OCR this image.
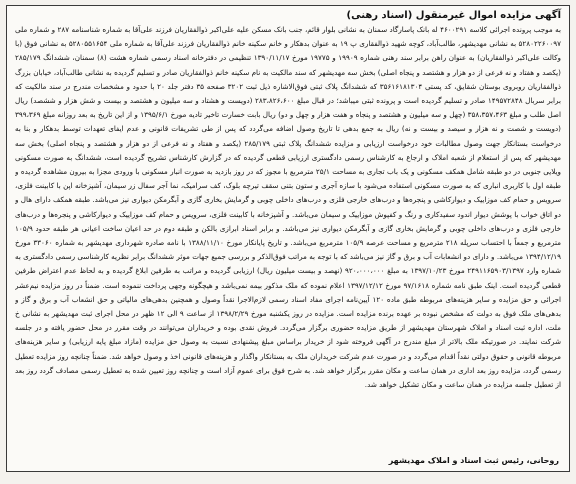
آگهی مزایده اموال غیرمنقول (اسناد رهنی)

به موجب پرونده اجرائی کلاسه ۴۶۰۰۲۹۱ له بانک پاسارگاد سمنان به نشانی بلوار قائم، جنب بانک مسکن علیه علی‌اکبر ذوالفقاریان فرزند علی‌آقا به شماره شناسنامه ۲۸۷ و شماره ملی ۵۲۸۰۲۲۶۰۰۹۷ به نشانی مهدیشهر، طالب‌آباد، کوچه شهید ذوالفقاری پ ۱۹ به عنوان بدهکار و خانم سکینه خانم ذوالفقاریان فرزند علی‌آقا به شماره ملی ۵۲۸۰۵۵۱۶۵۴ به نشانی فوق (با وکالت علی‌اکبر ذوالفقاریان) به عنوان راهن برابر سند رهنی شماره ۱۹۹۰۹ و ۱۹۷۷۵ مورخ ۱۳۹۰/۱۱/۱۷ تنظیمی در دفترخانه اسناد رسمی شماره هشت (۸) سمنان، ششدانگ ۲۸۵/۱۷۹ (یکصد و هفتاد و نه فرعی از دو هزار و هشتصد و پنجاه اصلی) بخش سه مهدیشهر که سند مالکیت به نام سکینه خانم ذوالفقاریان صادر و تسلیم گردیده به نشانی طالب‌آباد، خیابان بزرگ ذوالفقاریان روبروی بوستان شقایق، کد پستی ۳۵۶۱۶۱۸۱۳۰۴ که ششدانگ پلاک ثبتی فوق‌الاشاره ذیل ثبت ۳۲۰۲ صفحه ۳۵ دفتر جلد ۲۰ با حدود و مشخصات مندرج در سند مالکیت که برابر سربال ۱۴۹۵۷۲۸۴۸ صادر و تسلیم گردیده است و پرونده ثبتی میباشد؛ در قبال مبلغ ۲۸۳،۸۲۶،۶۰۰ (دویست و هشتاد و سه میلیون و هشتصد و بیست و شش هزار و ششصد) ریال اصل طلب و مبلغ ۳۵۸،۳۵۷،۴۶۳ (چهل و سه میلیون و هشتصد و پنجاه و هفت هزار و چهل و دو) ریال بابت خسارت تاخیر تادیه مورخ ۱۳۹۵/۶/۱ و از این تاریخ به بعد روزانه مبلغ ۳۹۹،۳۶۹ (دویست و شصت و نه هزار و سیصد و بیست و نه) ریال به جمع بدهی تا تاریخ وصول اضافه می‌گردد که پس از طی تشریفات قانونی و عدم ایفای تعهدات توسط بدهکار و بنا به درخواست بستانکار جهت وصول مطالبات خود درخواست ارزیابی و مزایده ششدانگ پلاک ثبتی ۲۸۵/۱۷۹ (یکصد و هفتاد و نه فرعی از دو هزار و هشتصد و پنجاه اصلی) بخش سه مهدیشهر که پس از استعلام از شعبه املاک و ارجاع به کارشناس رسمی دادگستری ارزیابی قطعی گردیده که در گزارش کارشناس تشریح گردیده است، ششدانگ به صورت مسکونی ویلایی جنوبی در دو طبقه شامل همکف مسکونی و یک باب تجاری به مساحت ۲۵/۱ مترمربع با مجوز که در روز بازدید به صورت انبار مسکونی با ورودی مجزا به بیرون مشاهده گردیده و طبقه اول با کاربری انباری که به صورت مسکونی استفاده می‌شود با سازه آجری و ستون بتنی سقف تیرچه بلوک، کف سرامیک، نما آجر سفال زر سیمان، آشپزخانه اپن با کابینت فلزی، سرویس و حمام کف موزاییک و دیوارکاشی و پنجره‌ها و درب‌های خارجی فلزی و درب‌های داخلی چوبی و گرمایش بخاری گازی و آبگرمکن دیواری نیز می‌باشد. طبقه همکف دارای هال و دو اتاق خواب با پوشش دیوار اندود سفیدکاری و رنگ و کفپوش موزاییک و سیمان می‌باشد. و آشپزخانه با کابینت فلزی، سرویس و حمام کف موزاییک و دیوارکاشی و پنجره‌ها و درب‌های خارجی فلزی و درب‌های داخلی چوبی و گرمایش بخاری گازی و آبگرمکن دیواری نیز می‌باشد. و برابر اسناد ابرازی بالکن و طبقه دوم در حد اعیان ساخت اعیانی هر طبقه حدود ۱۰۵/۹ مترمربع و جمعاً با احتساب سرپله ۲۱۸ مترمربع و مساحت عرصه ۱۰۵/۹ مترمربع می‌باشد. و تاریخ پایانکار مورخ ۱۳۸۸/۱۱/۱۰ با نامه صادره شهرداری مهدیشهر به شماره ۳۳۰۶۰ مورخ ۱۳۹۴/۱۲/۱۹ می‌باشد. و دارای دو انشعابات آب و برق و گاز نیز می‌باشد که با توجه به مراتب فوق‌الذکر و بررسی جمیع جهات موثر ششدانگ برابر نظریه کارشناسی رسمی دادگستری به شماره وارد ۲۴۹۱۱۶۵۹۰۳/۱۳۹۷ مورخ ۱۳۹۷/۱۰/۲۳ به مبلغ ۹۲۰،۰۰۰،۰۰۰ (نهصد و بیست میلیون ریال) ارزیابی گردیده و مراتب به طرفین ابلاغ گردیده و به لحاظ عدم اعتراض طرفین قطعی گردیده است. اینک طبق نامه شماره ۹۷/۱۶۱۸ مورخ ۱۳۹۷/۱۲/۱۲ اعلام نموده که ملک مذکور بیمه نمی‌باشد و هیچگونه وجهی پرداخت ننموده است. ضمناً در روز مزایده نیم‌عشر اجرائی و حق مزایده و سایر هزینه‌های مربوطه طبق ماده ۱۲۰ آیین‌نامه اجرای مفاد اسناد رسمی لازم‌الاجرا نقداً وصول و همچنین بدهی‌های مالیاتی و حق انشعاب آب و برق و گاز و بدهی‌های ملک فوق به دولت که مشخص نبوده بر عهده برنده مزایده است. مزایده در روز یکشنبه مورخ ۱۳۹۸/۲/۲۹ از ساعت ۹ الی ۱۲ ظهر در محل اجرای ثبت مهدیشهر به نشانی خ ملت، اداره ثبت اسناد و املاک شهرستان مهدیشهر از طریق مزایده حضوری برگزار می‌گردد. فروش نقدی بوده و خریداران می‌توانند در وقت مقرر در محل حضور یافته و در جلسه شرکت نمایند. در صورتیکه ملک بالاتر از مبلغ مندرج در آگهی فروخته شود از خریدار براساس مبلغ پیشنهادی نسبت به وصول حق مزایده (مازاد مبلغ پایه ارزیابی) و سایر هزینه‌های مربوطه قانونی و حقوق دولتی نقداً اقدام می‌گردد و در صورت عدم شرکت خریداران ملک به بستانکار واگذار و هزینه‌های قانونی اخذ و وصول خواهد شد. ضمناً چنانچه روز مزایده تعطیل رسمی گردد، مزایده روز بعد اداری در همان ساعت و مکان مقرر برگزار خواهد شد. به شرح فوق برای عموم آزاد است و چنانچه روز تعیین شده به تعطیل رسمی مصادف گردد روز بعد از تعطیل جلسه مزایده در همان ساعت و مکان تشکیل خواهد شد.

روحانی، رئیس ثبت اسناد و املاک مهدیشهر
